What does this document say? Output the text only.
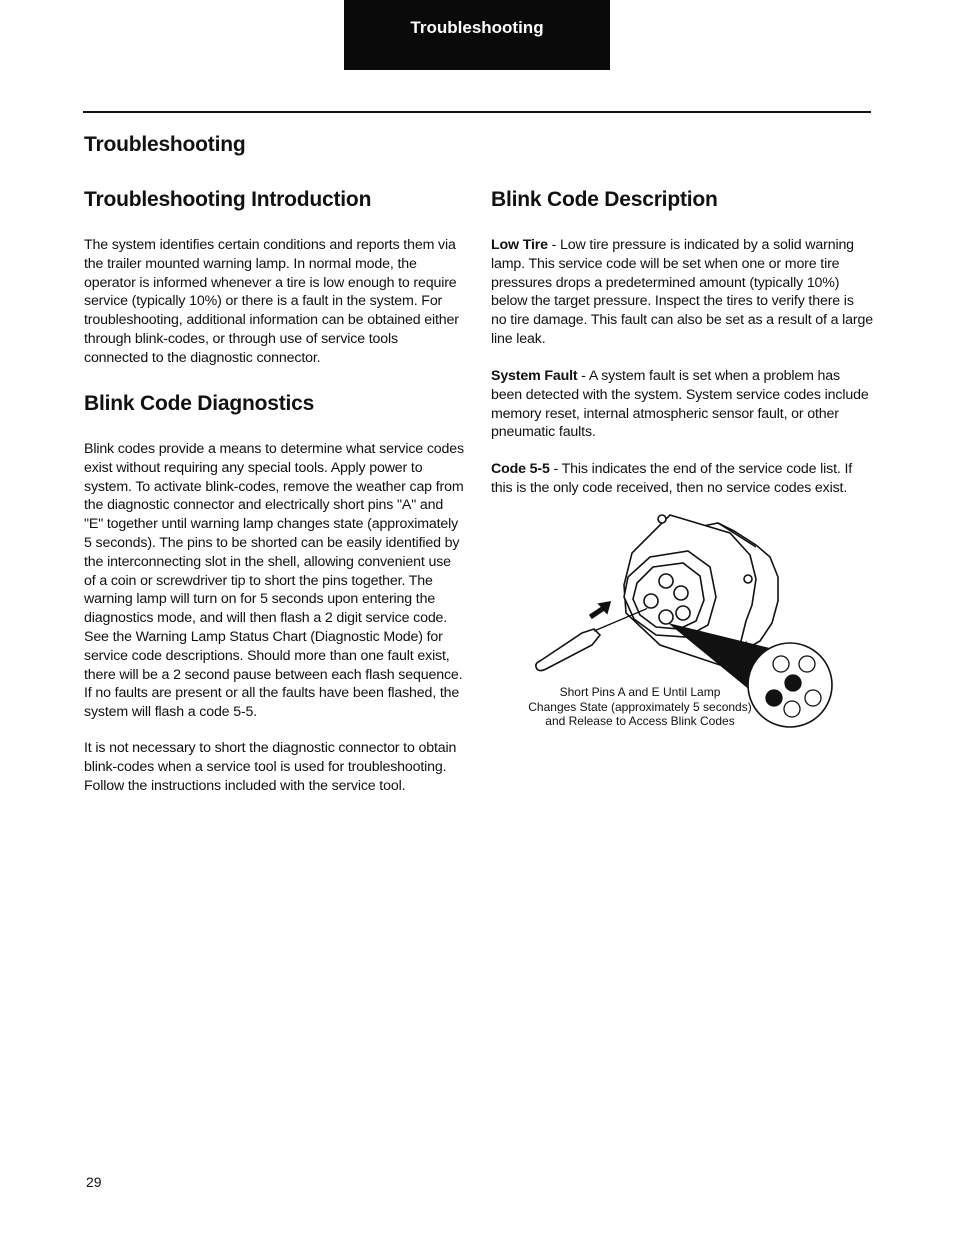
Troubleshooting
Troubleshooting
Troubleshooting Introduction

The system identifies certain conditions and reports them via the trailer mounted warning lamp. In normal mode, the operator is informed whenever a tire is low enough to require service (typically 10%) or there is a fault in the system. For troubleshooting, additional information can be obtained either through blink-codes, or through use of service tools connected to the diagnostic connector.

Blink Code Diagnostics

Blink codes provide a means to determine what service codes exist without requiring any special tools. Apply power to system. To activate blink-codes, remove the weather cap from the diagnostic connector and electrically short pins "A" and "E" together until warning lamp changes state (approximately 5 seconds). The pins to be shorted can be easily identified by the interconnecting slot in the shell, allowing convenient use of a coin or screwdriver tip to short the pins together. The warning lamp will turn on for 5 seconds upon entering the diagnostics mode, and will then flash a 2 digit service code. See the Warning Lamp Status Chart (Diagnostic Mode) for service code descriptions. Should more than one fault exist, there will be a 2 second pause between each flash sequence. If no faults are present or all the faults have been flashed, the system will flash a code 5-5.

It is not necessary to short the diagnostic connector to obtain blink-codes when a service tool is used for troubleshooting. Follow the instructions included with the service tool.

Blink Code Description

Low Tire - Low tire pressure is indicated by a solid warning lamp. This service code will be set when one or more tire pressures drops a predetermined amount (typically 10%) below the target pressure. Inspect the tires to verify there is no tire damage. This fault can also be set as a result of a large line leak.

System Fault - A system fault is set when a problem has been detected with the system. System service codes include memory reset, internal atmospheric sensor fault, or other pneumatic faults.

Code 5-5 - This indicates the end of the service code list. If this is the only code received, then no service codes exist.

Short Pins A and E Until Lamp
Changes State (approximately 5 seconds)
and Release to Access Blink Codes
29
